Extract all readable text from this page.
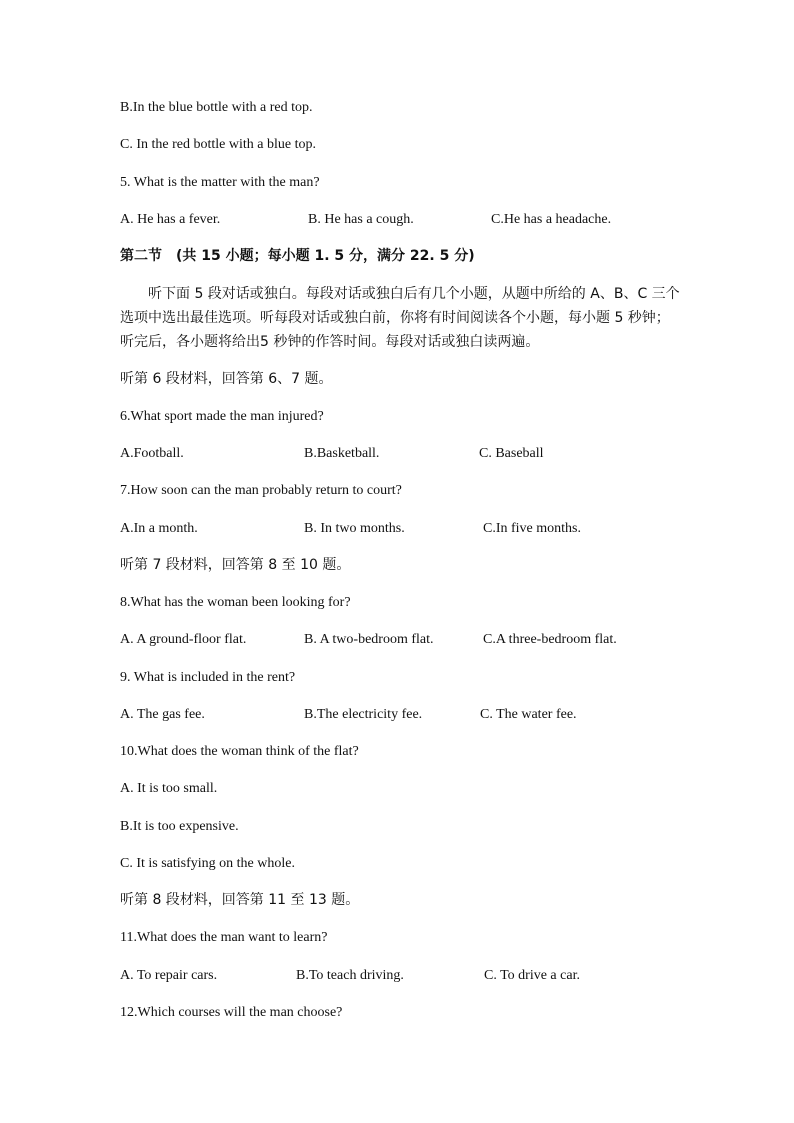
B.In the blue bottle with a red top.
C. In the red bottle with a blue top.
5. What is the matter with the man?
A. He has a fever.	B. He has a cough.	C.He has a headache.
第二节　(共 15 小题；每小题 1. 5 分，满分 22. 5 分)
听下面 5 段对话或独白。每段对话或独白后有几个小题，从题中所给的 A、B、C 三个选项中选出最佳选项。听每段对话或独白前，你将有时间阅读各个小题，每小题 5 秒钟；听完后，各小题将给出5 秒钟的作答时间。每段对话或独白读两遍。
听第 6 段材料，回答第 6、7 题。
6.What sport made the man injured?
A.Football.	B.Basketball.	C. Baseball
7.How soon can the man probably return to court?
A.In a month.	B. In two months.	C.In five months.
听第 7 段材料，回答第 8 至 10 题。
8.What has the woman been looking for?
A. A ground-floor flat.	B. A two-bedroom flat.	C.A three-bedroom flat.
9. What is included in the rent?
A. The gas fee.	B.The electricity fee.	C. The water fee.
10.What does the woman think of the flat?
A. It is too small.
B.It is too expensive.
C. It is satisfying on the whole.
听第 8 段材料，回答第 11 至 13 题。
11.What does the man want to learn?
A. To repair cars.	B.To teach driving.	C. To drive a car.
12.Which courses will the man choose?
